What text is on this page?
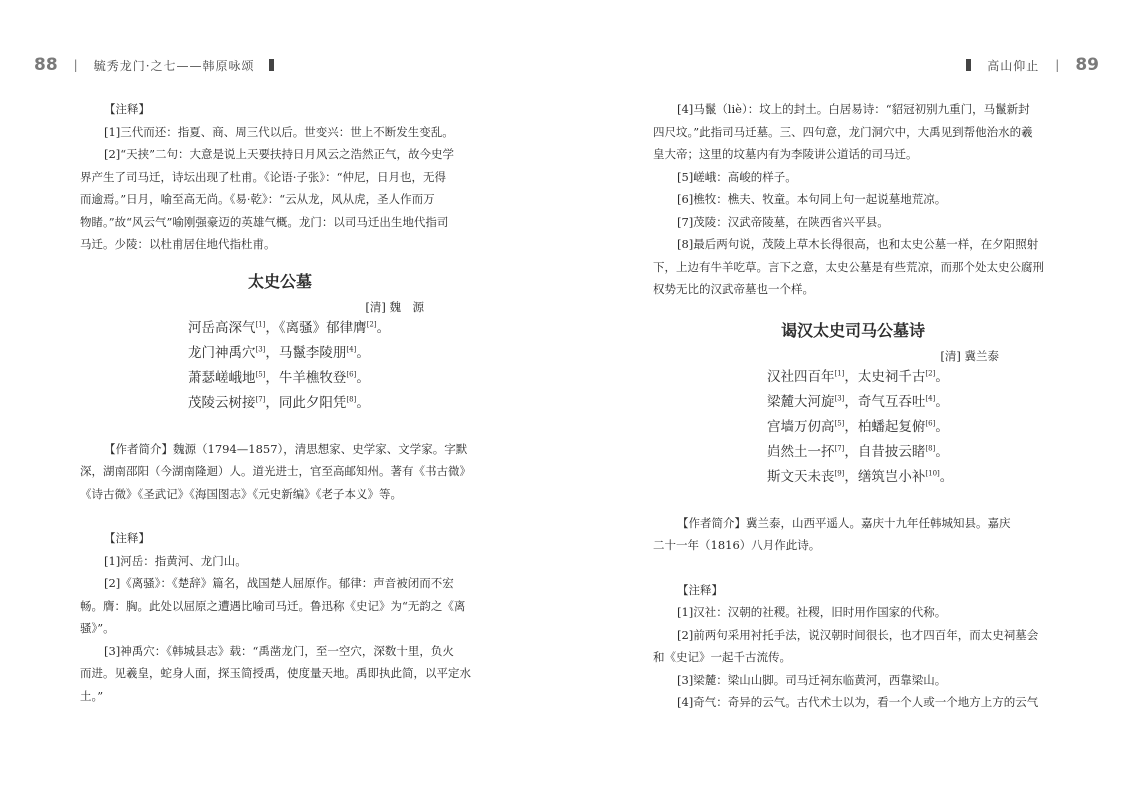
88 | 毓秀龙门·之七——韩原咏颂	高山仰止 | 89
【注释】
[1]三代而还：指夏、商、周三代以后。世变兴：世上不断发生变乱。
[2]“天挟”二句：大意是说上天要扶持日月风云之浩然正气，故今史学
界产生了司马迁，诗坛出现了杜甫。《论语·子张》：“仲尼，日月也，无得
而逾焉。”日月，喻至高无尚。《易·乾》：“云从龙，风从虎，圣人作而万
物睹。”故“风云气”喻刚强豪迈的英雄气概。龙门：以司马迁出生地代指司
马迁。少陵：以杜甫居住地代指杜甫。
太史公墓
[清] 魏　源
河岳高深气[1]，《离骚》郁律膺[2]。
龙门神禹穴[3]，马鬣李陵朋[4]。
萧瑟嵯峨地[5]，牛羊樵牧登[6]。
茂陵云树接[7]，同此夕阳凭[8]。
【作者简介】魏源（1794—1857），清思想家、史学家、文学家。字默
深，湖南邵阳（今湖南隆迴）人。道光进士，官至高邮知州。著有《书古微》
《诗古微》《圣武记》《海国图志》《元史新编》《老子本义》等。
【注释】
[1]河岳：指黄河、龙门山。
[2]《离骚》：《楚辞》篇名，战国楚人屈原作。郁律：声音被闭而不宏
畅。膺：胸。此处以屈原之遭遇比喻司马迁。鲁迅称《史记》为“无韵之《离
骚》”。
[3]神禹穴：《韩城县志》载：“禹凿龙门，至一空穴，深数十里，负火
而进。见羲皇，蛇身人面，探玉简授禹，使度量天地。禹即执此简，以平定水
土。”
[4]马鬣（liè）：坟上的封土。白居易诗：“貂冠初别九重门，马鬣新封
四尺坟。”此指司马迁墓。三、四句意，龙门洞穴中，大禹见到帮他治水的羲
皇大帝；这里的坟墓内有为李陵讲公道话的司马迁。
[5]嵯峨：高峻的样子。
[6]樵牧：樵夫、牧童。本句同上句一起说墓地荒凉。
[7]茂陵：汉武帝陵墓，在陕西省兴平县。
[8]最后两句说，茂陵上草木长得很高，也和太史公墓一样，在夕阳照射
下，上边有牛羊吃草。言下之意，太史公墓是有些荒凉，而那个处太史公腐刑
权势无比的汉武帝墓也一个样。
谒汉太史司马公墓诗
[清] 冀兰泰
汉社四百年[1]，太史祠千古[2]。
梁麓大河旋[3]，奇气互吞吐[4]。
宫墙万仞高[5]，柏蟠起复俯[6]。
岿然土一抔[7]，自昔披云睹[8]。
斯文天未丧[9]，缮筑岂小补[10]。
【作者简介】冀兰泰，山西平遥人。嘉庆十九年任韩城知县。嘉庆
二十一年（1816）八月作此诗。
【注释】
[1]汉社：汉朝的社稷。社稷，旧时用作国家的代称。
[2]前两句采用衬托手法，说汉朝时间很长，也才四百年，而太史祠墓会
和《史记》一起千古流传。
[3]梁麓：梁山山脚。司马迁祠东临黄河，西靠梁山。
[4]奇气：奇异的云气。古代术士以为，看一个人或一个地方上方的云气
